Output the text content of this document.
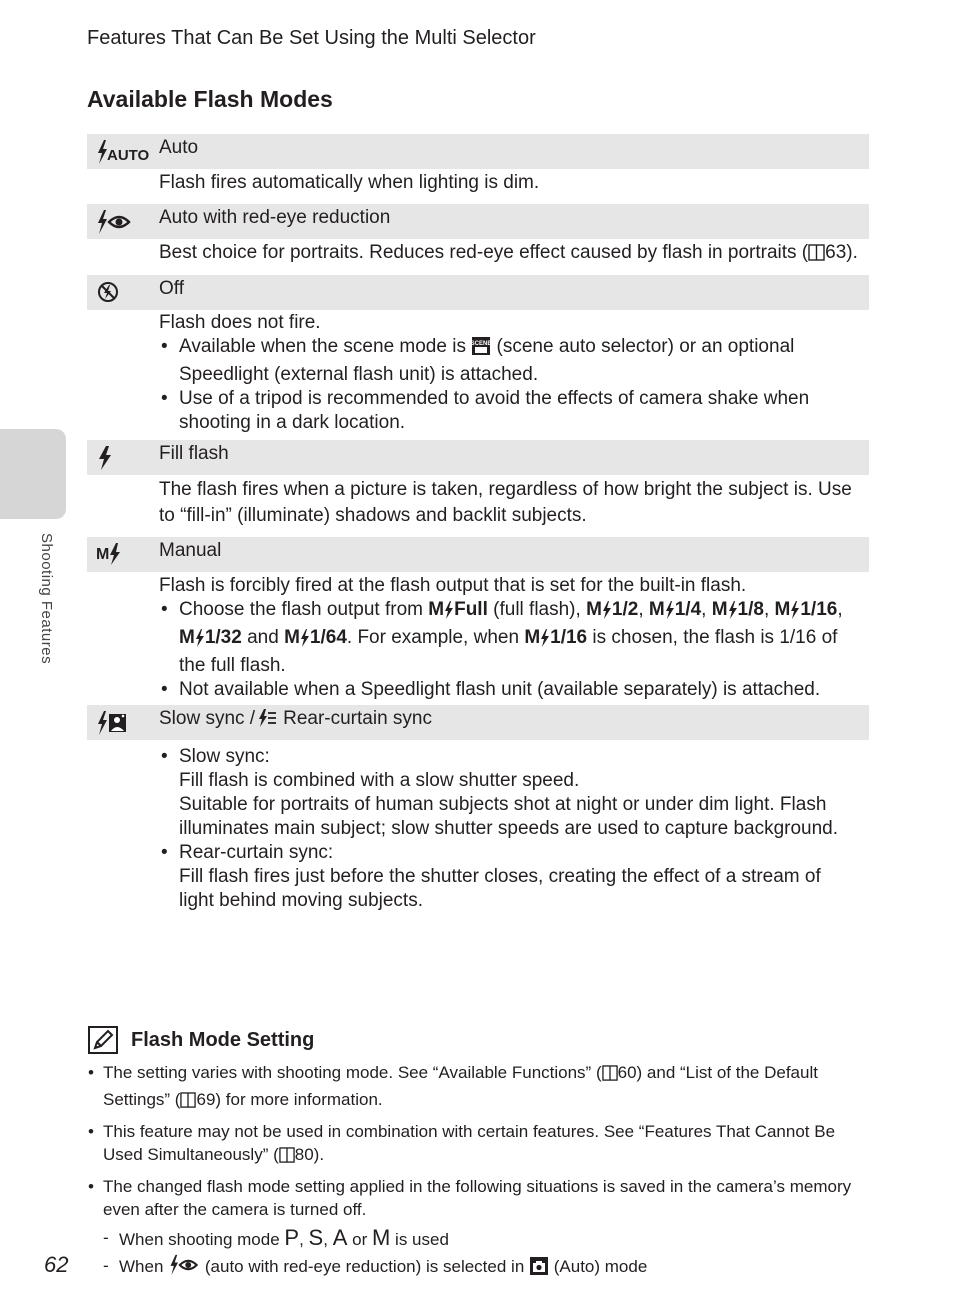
Features That Can Be Set Using the Multi Selector
Available Flash Modes
Shooting Features
62
AUTO Auto
Flash fires automatically when lighting is dim.
Auto with red-eye reduction
Best choice for portraits. Reduces red-eye effect caused by flash in portraits ( 63).
Off

Flash does not fire.

• Available when the scene mode is SCENE (scene auto selector) or an optional Speedlight (external flash unit) is attached.
• Use of a tripod is recommended to avoid the effects of camera shake when shooting in a dark location.
Fill flash
The flash fires when a picture is taken, regardless of how bright the subject is. Use to “fill-in” (illuminate) shadows and backlit subjects.
M	Manual

Flash is forcibly fired at the flash output that is set for the built-in flash.

• Choose the flash output from M Full (full flash), M 1/2, M 1/4, M 1/8, M 1/16, M 1/32 and M 1/64. For example, when M 1/16 is chosen, the flash is 1/16 of the full flash.
• Not available when a Speedlight flash unit (available separately) is attached.
Slow sync / Rear-curtain sync
• Slow sync:
Fill flash is combined with a slow shutter speed.
Suitable for portraits of human subjects shot at night or under dim light. Flash illuminates main subject; slow shutter speeds are used to capture background.
• Rear-curtain sync:
Fill flash fires just before the shutter closes, creating the effect of a stream of light behind moving subjects.
Flash Mode Setting
• The setting varies with shooting mode. See “Available Functions” ( 60) and “List of the Default Settings” ( 69) for more information.
• This feature may not be used in combination with certain features. See “Features That Cannot Be Used Simultaneously” ( 80).
• The changed flash mode setting applied in the following situations is saved in the camera’s memory even after the camera is turned off.
- When shooting mode P, S, A or M is used
- When (auto with red-eye reduction) is selected in (Auto) mode
